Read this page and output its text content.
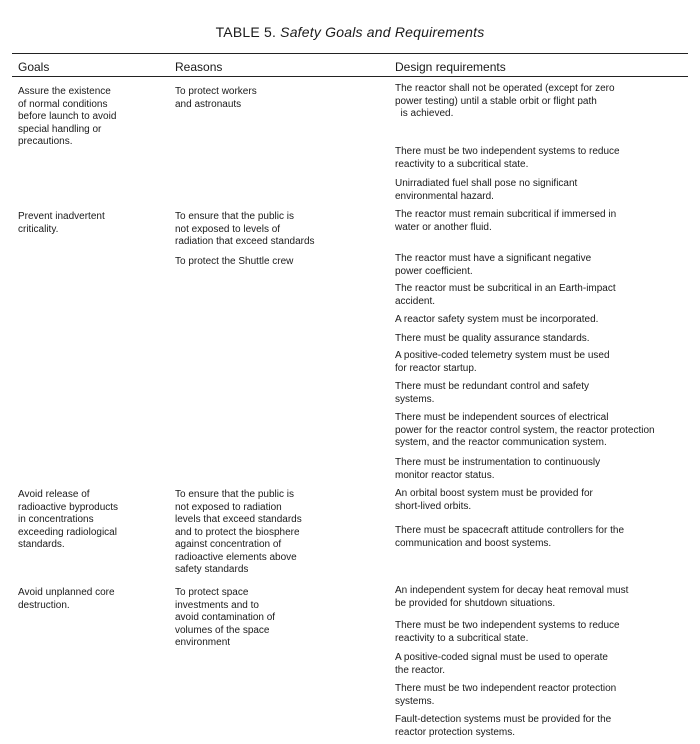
TABLE 5. Safety Goals and Requirements
Goals	Reasons	Design requirements
Assure the existence
of normal conditions
before launch to avoid
special handling or
precautions.
Prevent inadvertent
criticality.
Avoid release of
radioactive byproducts
in concentrations
exceeding radiological
standards.
Avoid unplanned core
destruction.
To protect workers
and astronauts
To ensure that the public is
not exposed to levels of
radiation that exceed standards
To protect the Shuttle crew
To ensure that the public is
not exposed to radiation
levels that exceed standards
and to protect the biosphere
against concentration of
radioactive elements above
safety standards
To protect space
investments and to
avoid contamination of
volumes of the space
environment
The reactor shall not be operated (except for zero
power testing) until a stable orbit or flight path
is achieved.
There must be two independent systems to reduce
reactivity to a subcritical state.
Unirradiated fuel shall pose no significant
environmental hazard.
The reactor must remain subcritical if immersed in
water or another fluid.
The reactor must have a significant negative
power coefficient.
The reactor must be subcritical in an Earth-impact
accident.
A reactor safety system must be incorporated.
There must be quality assurance standards.
A positive-coded telemetry system must be used
for reactor startup.
There must be redundant control and safety
systems.
There must be independent sources of electrical
power for the reactor control system, the reactor protection
system, and the reactor communication system.
There must be instrumentation to continuously
monitor reactor status.
An orbital boost system must be provided for
short-lived orbits.
There must be spacecraft attitude controllers for the
communication and boost systems.
An independent system for decay heat removal must
be provided for shutdown situations.
There must be two independent systems to reduce
reactivity to a subcritical state.
A positive-coded signal must be used to operate
the reactor.
There must be two independent reactor protection
systems.
Fault-detection systems must be provided for the
reactor protection systems.
